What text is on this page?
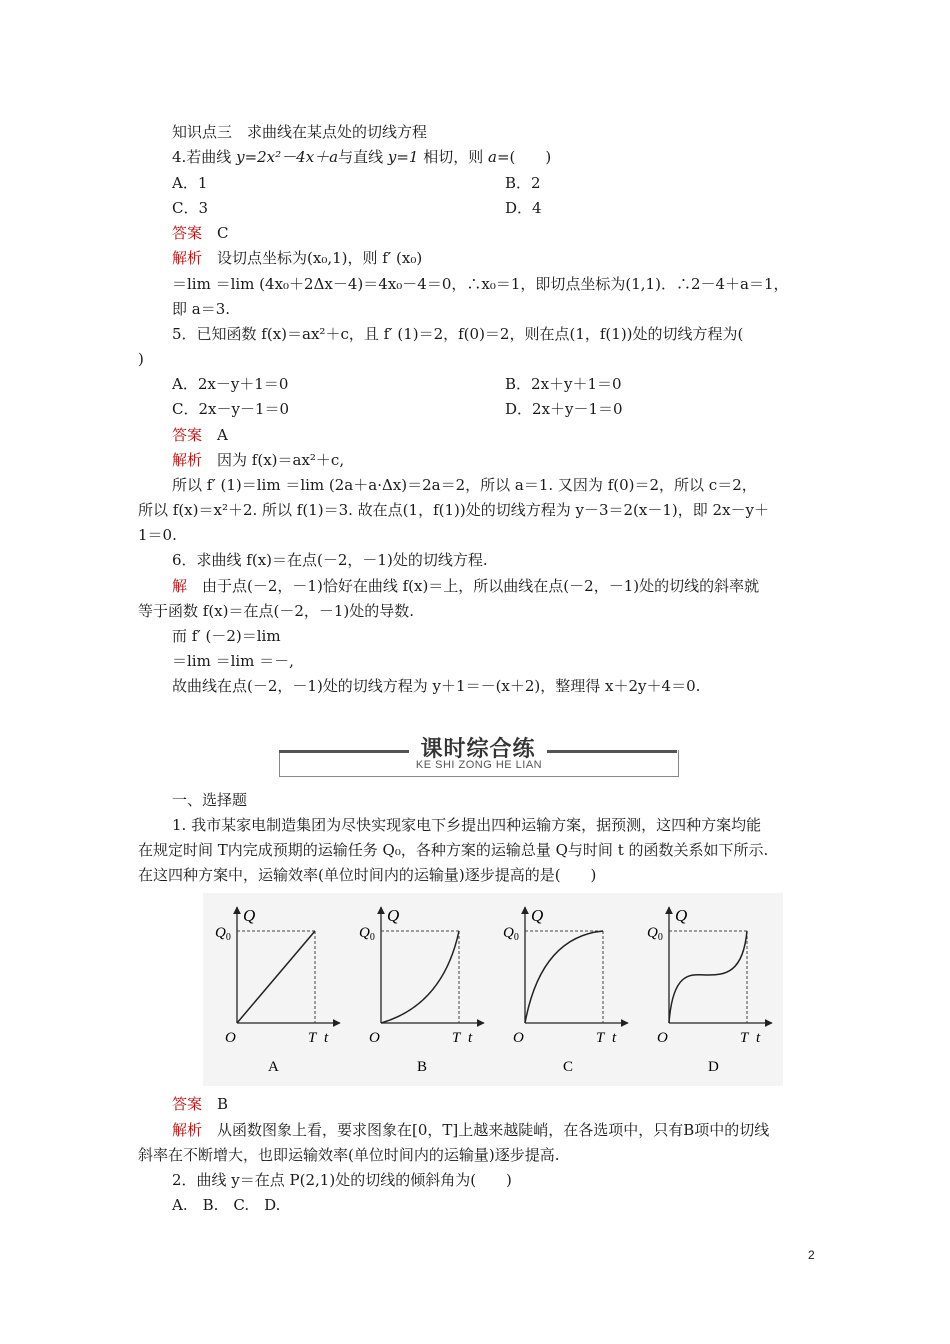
知识点三　求曲线在某点处的切线方程
4.若曲线 y=2x²－4x＋a与直线 y=1 相切，则 a=(　　)
A．1	B．2
C．3	D．4
答案　 C
解析　 设切点坐标为(x₀,1)，则 f′ (x₀)
＝lim ＝lim (4x₀＋2Δx－4)＝4x₀－4＝0，∴x₀＝1，即切点坐标为(1,1)．∴2－4＋a＝1，
即 a＝3.
5．已知函数 f(x)＝ax²＋c，且 f′ (1)＝2，f(0)＝2，则在点(1，f(1))处的切线方程为(
)
A．2x－y＋1＝0	B．2x＋y＋1＝0
C．2x－y－1＝0	D．2x＋y－1＝0
答案　 A
解析　 因为 f(x)＝ax²＋c,
所以 f′ (1)＝lim ＝lim (2a＋a·Δx)＝2a＝2，所以 a＝1. 又因为 f(0)＝2，所以 c＝2，
所以 f(x)＝x²＋2. 所以 f(1)＝3. 故在点(1，f(1))处的切线方程为 y－3＝2(x－1)，即 2x－y＋
1＝0.
6．求曲线 f(x)＝在点(－2，－1)处的切线方程.
解　 由于点(－2，－1)恰好在曲线 f(x)＝上，所以曲线在点(－2，－1)处的切线的斜率就
等于函数 f(x)＝在点(－2，－1)处的导数.
而 f′ (－2)＝lim
＝lim ＝lim ＝－,
故曲线在点(－2，－1)处的切线方程为 y＋1＝－(x＋2)，整理得 x＋2y＋4＝0.
课时综合练
KE SHI ZONG HE LIAN
一、选择题
1. 我市某家电制造集团为尽快实现家电下乡提出四种运输方案，据预测，这四种方案均能
在规定时间 T内完成预期的运输任务 Q₀，各种方案的运输总量 Q与时间 t 的函数关系如下所示.
在这四种方案中，运输效率(单位时间内的运输量)逐步提高的是(　　)
Q
$Q_0$
O	T t
A
Q
$Q_0$
O	T t
B
Q
$Q_0$
O	T t
C
Q
$Q_0$
O	T t
D
答案　 B
解析　 从函数图象上看，要求图象在[0，T]上越来越陡峭，在各选项中，只有B项中的切线
斜率在不断增大，也即运输效率(单位时间内的运输量)逐步提高.
2．曲线 y＝在点 P(2,1)处的切线的倾斜角为(　　)
A.　B.　C.　D.
2
